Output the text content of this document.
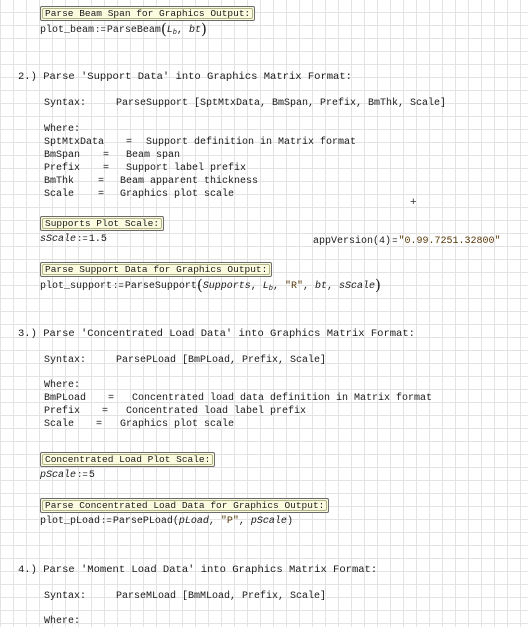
Parse Beam Span for Graphics Output:
$plot\_beam:=ParseBeam(L_b$, bt)
2.) Parse 'Support Data' into Graphics Matrix Format:
Syntax:	ParseSupport [SptMtxData, BmSpan, Prefix, BmThk, Scale]
Where:
SptMtxData = Support definition in Matrix format
BmSpan = Beam span
Prefix = Support label prefix
BmThk = Beam apparent thickness
Scale = Graphics plot scale
+
Supports Plot Scale:
sScale:=1.5	appVersion(4)="0.99.7251.32800"
Parse Support Data for Graphics Output:
plot_support:=ParseSupport(Supports, $L_b$, "R", bt, sScale)
3.) Parse 'Concentrated Load Data' into Graphics Matrix Format:
Syntax:	ParsePLoad [BmPLoad, Prefix, Scale]
Where:
BmPLoad = Concentrated load data definition in Matrix format
Prefix = Concentrated load label prefix
Scale = Graphics plot scale
Concentrated Load Plot Scale:
pScale:=5
Parse Concentrated Load Data for Graphics Output:
plot_pLoad:=ParsePLoad(pLoad, "P", pScale)
4.) Parse 'Moment Load Data' into Graphics Matrix Format:
Syntax:	ParseMLoad [BmMLoad, Prefix, Scale]
Where:
